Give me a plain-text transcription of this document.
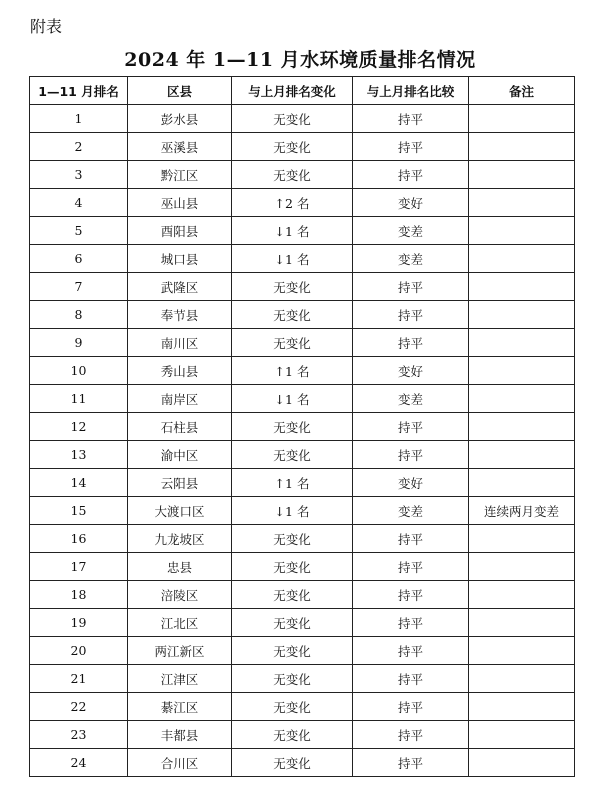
附表
2024 年 1—11 月水环境质量排名情况
1—11 月排名	区县	与上月排名变化	与上月排名比较	备注
1	彭水县	无变化	持平	
2	巫溪县	无变化	持平	
3	黔江区	无变化	持平	
4	巫山县	↑2 名	变好	
5	酉阳县	↓1 名	变差	
6	城口县	↓1 名	变差	
7	武隆区	无变化	持平	
8	奉节县	无变化	持平	
9	南川区	无变化	持平	
10	秀山县	↑1 名	变好	
11	南岸区	↓1 名	变差	
12	石柱县	无变化	持平	
13	渝中区	无变化	持平	
14	云阳县	↑1 名	变好	
15	大渡口区	↓1 名	变差	连续两月变差
16	九龙坡区	无变化	持平	
17	忠县	无变化	持平	
18	涪陵区	无变化	持平	
19	江北区	无变化	持平	
20	两江新区	无变化	持平	
21	江津区	无变化	持平	
22	綦江区	无变化	持平	
23	丰都县	无变化	持平	
24	合川区	无变化	持平	
